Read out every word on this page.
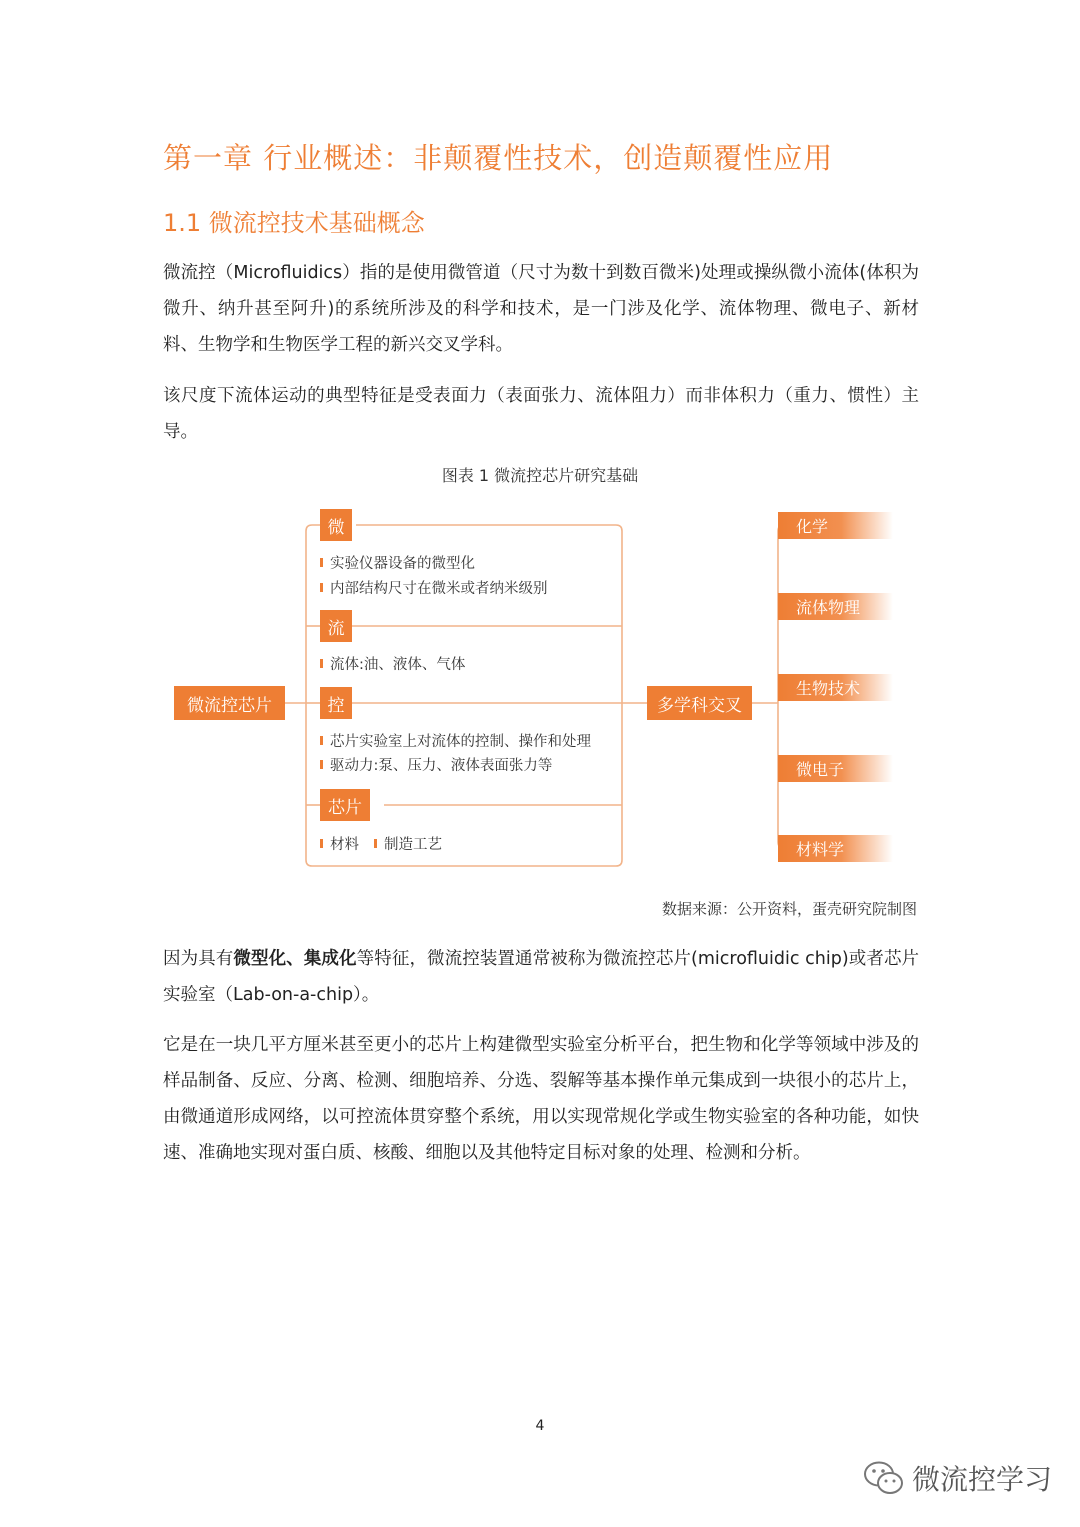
第一章 行业概述：非颠覆性技术，创造颠覆性应用
1.1 微流控技术基础概念

微流控（Microfluidics）指的是使用微管道（尺寸为数十到数百微米)处理或操纵微小流体(体积为微升、纳升甚至阿升)的系统所涉及的科学和技术，是一门涉及化学、流体物理、微电子、新材料、生物学和生物医学工程的新兴交叉学科。

该尺度下流体运动的典型特征是受表面力（表面张力、流体阻力）而非体积力（重力、惯性）主导。

图表 1 微流控芯片研究基础
微流控芯片
微
实验仪器设备的微型化
内部结构尺寸在微米或者纳米级别
流
流体:油、液体、气体
控
芯片实验室上对流体的控制、操作和处理
驱动力:泵、压力、液体表面张力等
芯片
材料 制造工艺
多学科交叉
化学
流体物理
生物技术
微电子
材料学
数据来源：公开资料，蛋壳研究院制图

因为具有微型化、集成化等特征，微流控装置通常被称为微流控芯片(microfluidic chip)或者芯片实验室（Lab-on-a-chip）。

它是在一块几平方厘米甚至更小的芯片上构建微型实验室分析平台，把生物和化学等领域中涉及的样品制备、反应、分离、检测、细胞培养、分选、裂解等基本操作单元集成到一块很小的芯片上，由微通道形成网络，以可控流体贯穿整个系统，用以实现常规化学或生物实验室的各种功能，如快速、准确地实现对蛋白质、核酸、细胞以及其他特定目标对象的处理、检测和分析。

4
微流控学习
